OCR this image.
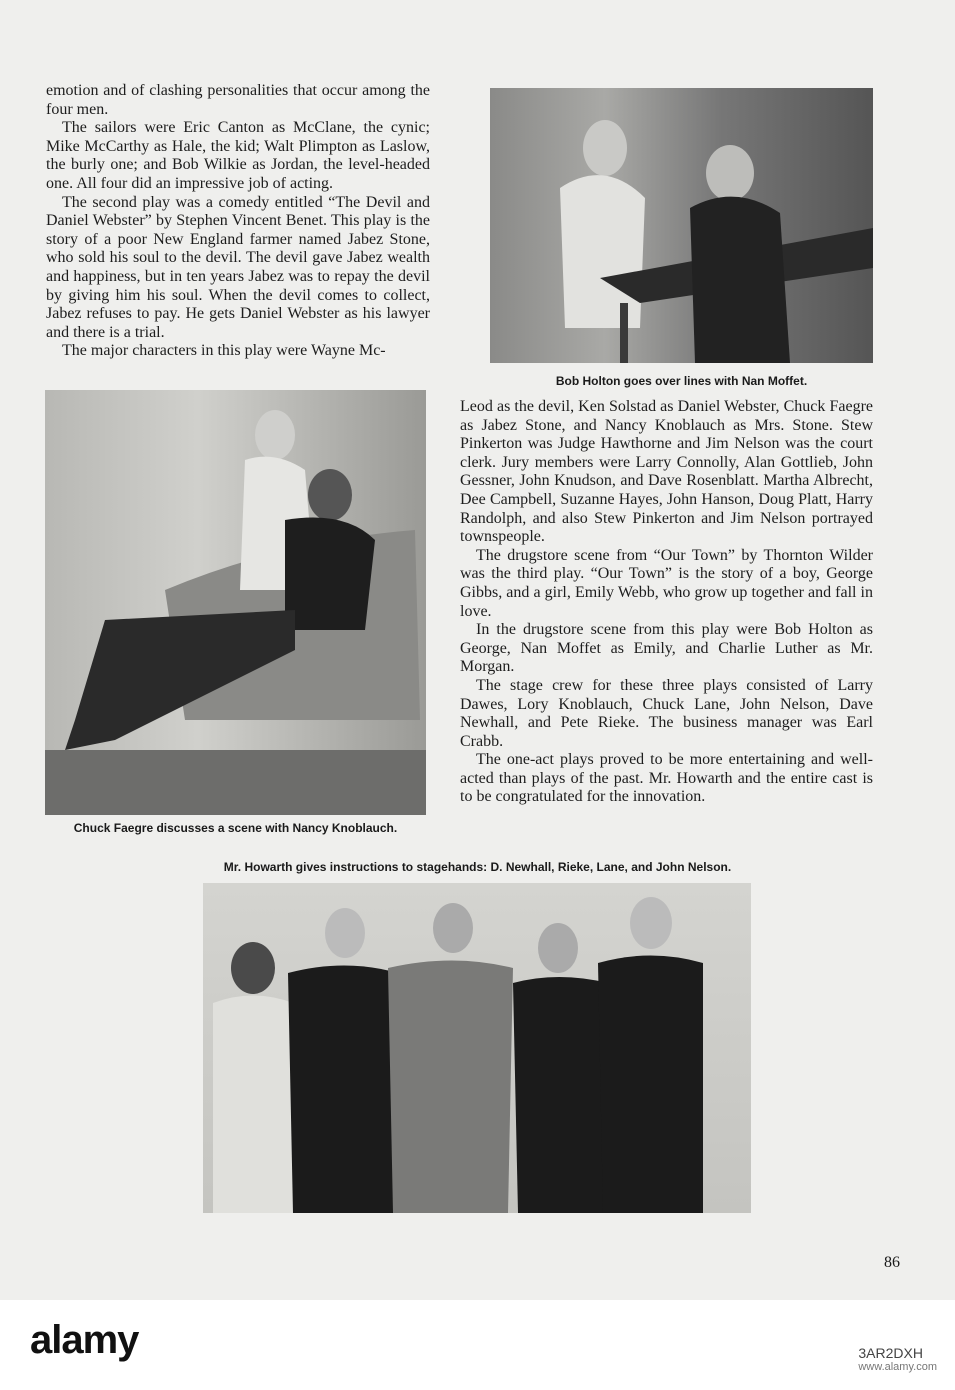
emotion and of clashing personalities that occur among the four men.

The sailors were Eric Canton as McClane, the cynic; Mike McCarthy as Hale, the kid; Walt Plimpton as Laslow, the burly one; and Bob Wilkie as Jordan, the level-headed one. All four did an impressive job of acting.

The second play was a comedy entitled “The Devil and Daniel Webster” by Stephen Vincent Benet. This play is the story of a poor New England farmer named Jabez Stone, who sold his soul to the devil. The devil gave Jabez wealth and happiness, but in ten years Jabez was to repay the devil by giving him his soul. When the devil comes to collect, Jabez refuses to pay. He gets Daniel Webster as his lawyer and there is a trial.

The major characters in this play were Wayne Mc-

Bob Holton goes over lines with Nan Moffet.
Chuck Faegre discusses a scene with Nancy Knoblauch.

Leod as the devil, Ken Solstad as Daniel Webster, Chuck Faegre as Jabez Stone, and Nancy Knoblauch as Mrs. Stone. Stew Pinkerton was Judge Hawthorne and Jim Nelson was the court clerk. Jury members were Larry Connolly, Alan Gottlieb, John Gessner, John Knudson, and Dave Rosenblatt. Martha Albrecht, Dee Campbell, Suzanne Hayes, John Hanson, Doug Platt, Harry Randolph, and also Stew Pinkerton and Jim Nelson portrayed townspeople.

The drugstore scene from “Our Town” by Thornton Wilder was the third play. “Our Town” is the story of a boy, George Gibbs, and a girl, Emily Webb, who grow up together and fall in love.

In the drugstore scene from this play were Bob Holton as George, Nan Moffet as Emily, and Charlie Luther as Mr. Morgan.

The stage crew for these three plays consisted of Larry Dawes, Lory Knoblauch, Chuck Lane, John Nelson, Dave Newhall, and Pete Rieke. The business manager was Earl Crabb.

The one-act plays proved to be more entertaining and well-acted than plays of the past. Mr. Howarth and the entire cast is to be congratulated for the innovation.

Mr. Howarth gives instructions to stagehands: D. Newhall, Rieke, Lane, and John Nelson.
86
alamy	3AR2DXH
www.alamy.com
